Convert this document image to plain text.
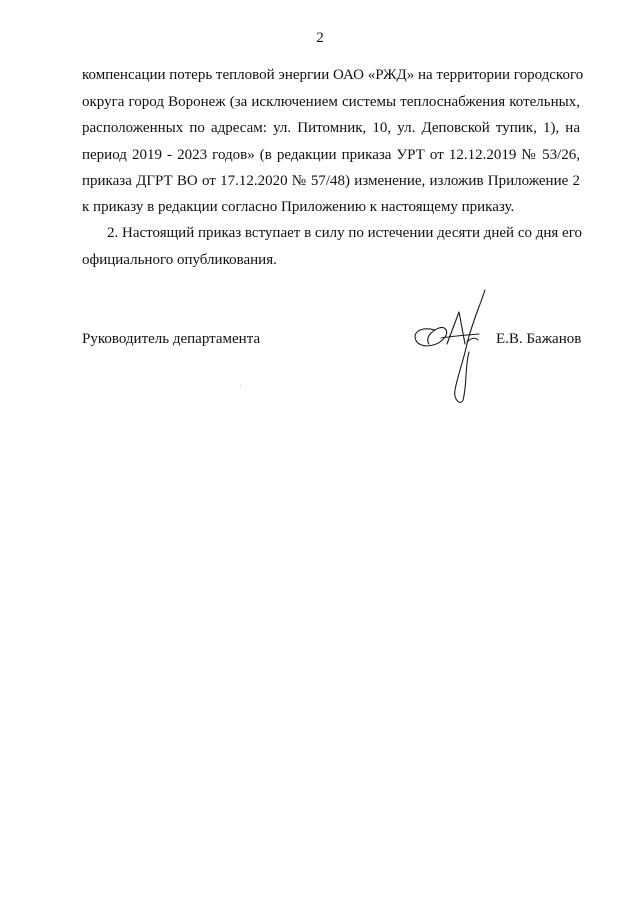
2
компенсации потерь тепловой энергии ОАО «РЖД» на территории городского
округа город Воронеж (за исключением системы теплоснабжения котельных,
расположенных по адресам: ул. Питомник, 10, ул. Деповской тупик, 1), на
период 2019 - 2023 годов» (в редакции приказа УРТ от 12.12.2019 № 53/26,
приказа ДГРТ ВО от 17.12.2020 № 57/48) изменение, изложив Приложение 2
к приказу в редакции согласно Приложению к настоящему приказу.
2. Настоящий приказ вступает в силу по истечении десяти дней со дня его
официального опубликования.
Руководитель департамента	Е.В. Бажанов
